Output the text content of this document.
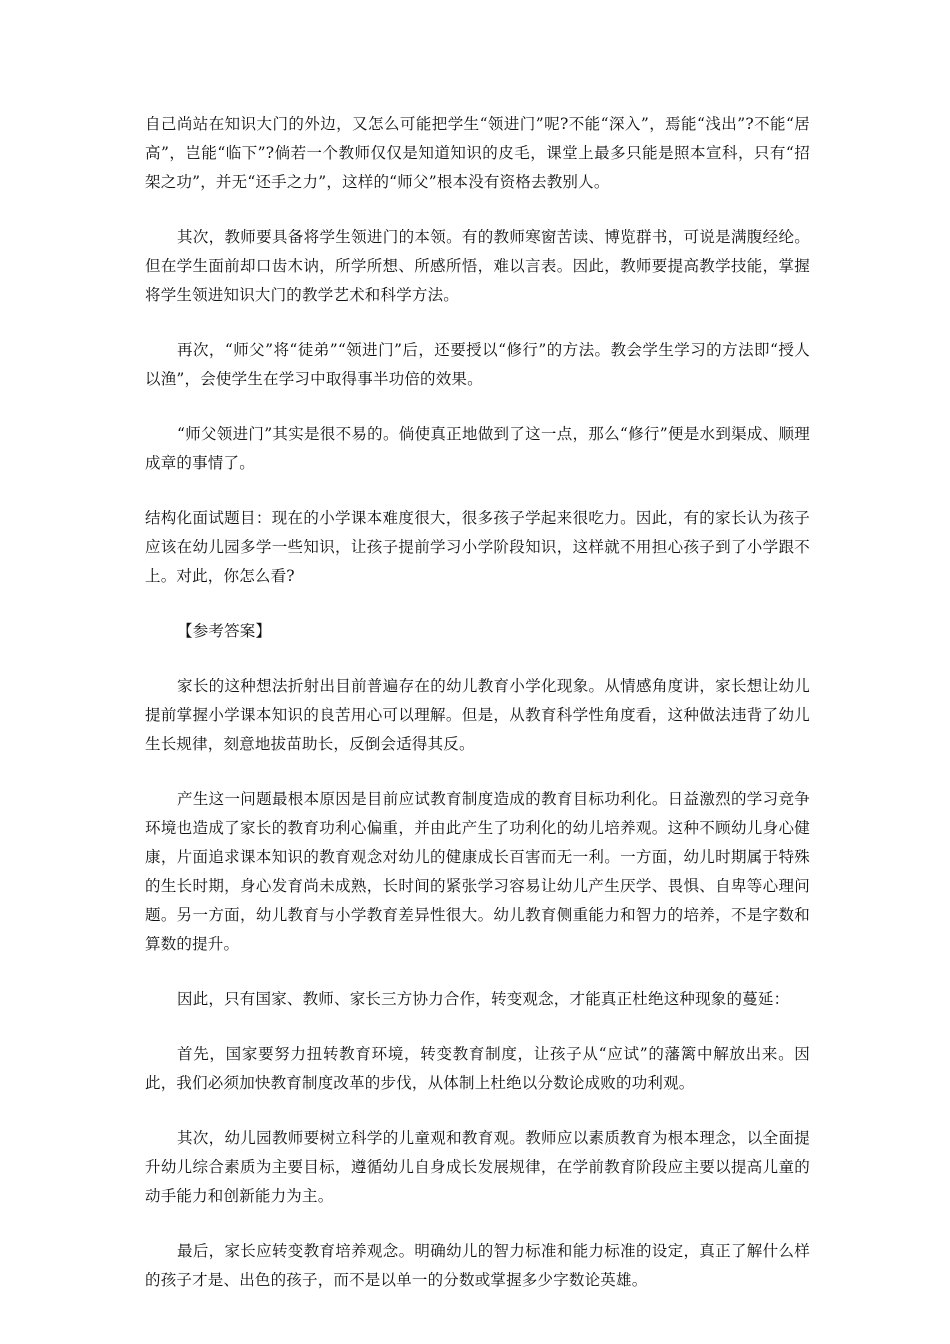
自己尚站在知识大门的外边，又怎么可能把学生“领进门”呢?不能“深入”，焉能“浅出”?不能“居高”，岂能“临下”?倘若一个教师仅仅是知道知识的皮毛，课堂上最多只能是照本宣科，只有“招架之功”，并无“还手之力”，这样的“师父”根本没有资格去教别人。

其次，教师要具备将学生领进门的本领。有的教师寒窗苦读、博览群书，可说是满腹经纶。但在学生面前却口齿木讷，所学所想、所感所悟，难以言表。因此，教师要提高教学技能，掌握将学生领进知识大门的教学艺术和科学方法。

再次，“师父”将“徒弟”“领进门”后，还要授以“修行”的方法。教会学生学习的方法即“授人以渔”，会使学生在学习中取得事半功倍的效果。

“师父领进门”其实是很不易的。倘使真正地做到了这一点，那么“修行”便是水到渠成、顺理成章的事情了。

结构化面试题目：现在的小学课本难度很大，很多孩子学起来很吃力。因此，有的家长认为孩子应该在幼儿园多学一些知识，让孩子提前学习小学阶段知识，这样就不用担心孩子到了小学跟不上。对此，你怎么看?

【参考答案】

家长的这种想法折射出目前普遍存在的幼儿教育小学化现象。从情感角度讲，家长想让幼儿提前掌握小学课本知识的良苦用心可以理解。但是，从教育科学性角度看，这种做法违背了幼儿生长规律，刻意地拔苗助长，反倒会适得其反。

产生这一问题最根本原因是目前应试教育制度造成的教育目标功利化。日益激烈的学习竞争环境也造成了家长的教育功利心偏重，并由此产生了功利化的幼儿培养观。这种不顾幼儿身心健康，片面追求课本知识的教育观念对幼儿的健康成长百害而无一利。一方面，幼儿时期属于特殊的生长时期，身心发育尚未成熟，长时间的紧张学习容易让幼儿产生厌学、畏惧、自卑等心理问题。另一方面，幼儿教育与小学教育差异性很大。幼儿教育侧重能力和智力的培养，不是字数和算数的提升。

因此，只有国家、教师、家长三方协力合作，转变观念，才能真正杜绝这种现象的蔓延：

首先，国家要努力扭转教育环境，转变教育制度，让孩子从“应试”的藩篱中解放出来。因此，我们必须加快教育制度改革的步伐，从体制上杜绝以分数论成败的功利观。

其次，幼儿园教师要树立科学的儿童观和教育观。教师应以素质教育为根本理念，以全面提升幼儿综合素质为主要目标，遵循幼儿自身成长发展规律，在学前教育阶段应主要以提高儿童的动手能力和创新能力为主。

最后，家长应转变教育培养观念。明确幼儿的智力标准和能力标准的设定，真正了解什么样的孩子才是、出色的孩子，而不是以单一的分数或掌握多少字数论英雄。
